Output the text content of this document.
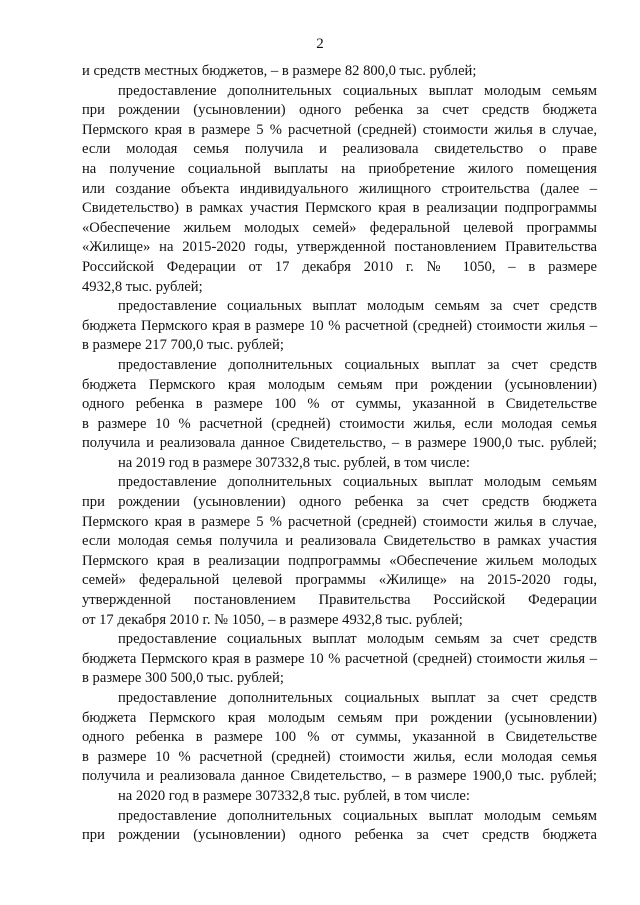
2

и средств местных бюджетов, – в размере 82 800,0 тыс. рублей;

предоставление дополнительных социальных выплат молодым семьям
при рождении (усыновлении) одного ребенка за счет средств бюджета
Пермского края в размере 5 % расчетной (средней) стоимости жилья в случае,
если молодая семья получила и реализовала свидетельство о праве
на получение социальной выплаты на приобретение жилого помещения
или создание объекта индивидуального жилищного строительства (далее –
Свидетельство) в рамках участия Пермского края в реализации подпрограммы
«Обеспечение жильем молодых семей» федеральной целевой программы
«Жилище» на 2015-2020 годы, утвержденной постановлением Правительства
Российской Федерации от 17 декабря 2010 г. № 1050, – в размере
4932,8 тыс. рублей;

предоставление социальных выплат молодым семьям за счет средств
бюджета Пермского края в размере 10 % расчетной (средней) стоимости жилья –
в размере 217 700,0 тыс. рублей;

предоставление дополнительных социальных выплат за счет средств
бюджета Пермского края молодым семьям при рождении (усыновлении)
одного ребенка в размере 100 % от суммы, указанной в Свидетельстве
в размере 10 % расчетной (средней) стоимости жилья, если молодая семья
получила и реализовала данное Свидетельство, – в размере 1900,0 тыс. рублей;

на 2019 год в размере 307332,8 тыс. рублей, в том числе:

предоставление дополнительных социальных выплат молодым семьям
при рождении (усыновлении) одного ребенка за счет средств бюджета
Пермского края в размере 5 % расчетной (средней) стоимости жилья в случае,
если молодая семья получила и реализовала Свидетельство в рамках участия
Пермского края в реализации подпрограммы «Обеспечение жильем молодых
семей» федеральной целевой программы «Жилище» на 2015-2020 годы,
утвержденной постановлением Правительства Российской Федерации
от 17 декабря 2010 г. № 1050, – в размере 4932,8 тыс. рублей;

предоставление социальных выплат молодым семьям за счет средств
бюджета Пермского края в размере 10 % расчетной (средней) стоимости жилья –
в размере 300 500,0 тыс. рублей;

предоставление дополнительных социальных выплат за счет средств
бюджета Пермского края молодым семьям при рождении (усыновлении)
одного ребенка в размере 100 % от суммы, указанной в Свидетельстве
в размере 10 % расчетной (средней) стоимости жилья, если молодая семья
получила и реализовала данное Свидетельство, – в размере 1900,0 тыс. рублей;

на 2020 год в размере 307332,8 тыс. рублей, в том числе:

предоставление дополнительных социальных выплат молодым семьям
при рождении (усыновлении) одного ребенка за счет средств бюджета
